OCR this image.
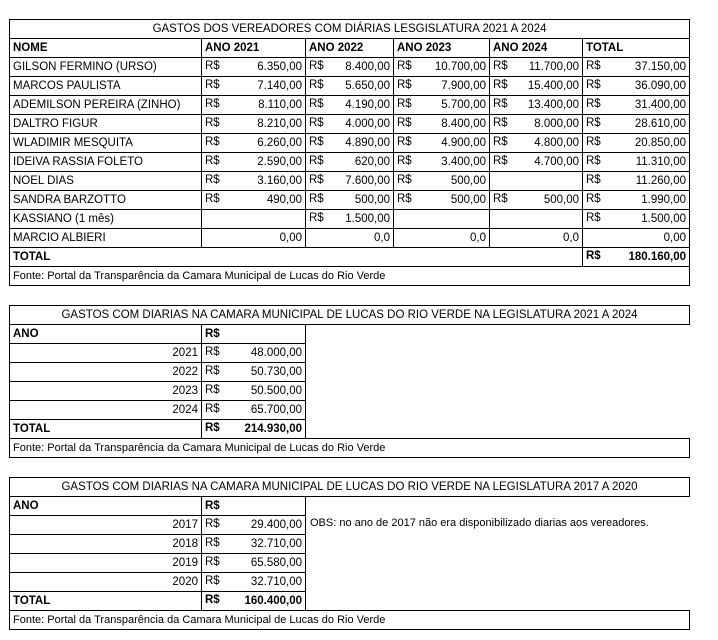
GASTOS DOS VEREADORES COM DIÁRIAS LESGISLATURA 2021 A 2024					
NOME	ANO 2021	ANO 2022	ANO 2023	ANO 2024	TOTAL
GILSON FERMINO (URSO)	R$ 6.350,00	R$ 8.400,00	R$ 10.700,00	R$ 11.700,00	R$ 37.150,00

MARCOS PAULISTA	R$ 7.140,00	R$ 5.650,00	R$ 7.900,00	R$ 15.400,00	R$ 36.090,00

ADEMILSON PEREIRA (ZINHO)	R$ 8.110,00	R$ 4.190,00	R$ 5.700,00	R$ 13.400,00	R$ 31.400,00

DALTRO FIGUR	R$ 8.210,00	R$ 4.000,00	R$ 8.400,00	R$ 8.000,00	R$ 28.610,00

WLADIMIR MESQUITA	R$ 6.260,00	R$ 4.890,00	R$ 4.900,00	R$ 4.800,00	R$ 20.850,00

IDEIVA RASSIA FOLETO	R$ 2.590,00	R$ 620,00	R$ 3.400,00	R$ 4.700,00	R$ 11.310,00

NOEL DIAS	R$ 3.160,00	R$ 7.600,00	R$ 500,00		R$ 11.260,00

SANDRA BARZOTTO	R$ 490,00	R$ 500,00	R$ 500,00	R$ 500,00	R$ 1.990,00

KASSIANO (1 mês)		R$ 1.500,00			R$ 1.500,00

MARCIO ALBIERI	0,00	0,0	0,0	0,0	0,00
TOTAL					R$ 180.160,00

Fonte: Portal da Transparência da Camara Municipal de Lucas do Rio Verde					
GASTOS COM DIARIAS NA CAMARA MUNICIPAL DE LUCAS DO RIO VERDE NA LEGISLATURA 2021 A 2024		
ANO	R$	
2021	R$ 48.000,00	

2022	R$ 50.730,00	

2023	R$ 50.500,00	

2024	R$ 65.700,00	

TOTAL	R$ 214.930,00	

Fonte: Portal da Transparência da Camara Municipal de Lucas do Rio Verde		
GASTOS COM DIARIAS NA CAMARA MUNICIPAL DE LUCAS DO RIO VERDE NA LEGISLATURA 2017 A 2020		
ANO	R$	
2017	R$ 29.400,00	

2018	R$ 32.710,00	

2019	R$ 65.580,00	

2020	R$ 32.710,00	

TOTAL	R$ 160.400,00	

Fonte: Portal da Transparência da Camara Municipal de Lucas do Rio Verde		
OBS: no ano de 2017 não era disponibilizado diarias aos vereadores.
